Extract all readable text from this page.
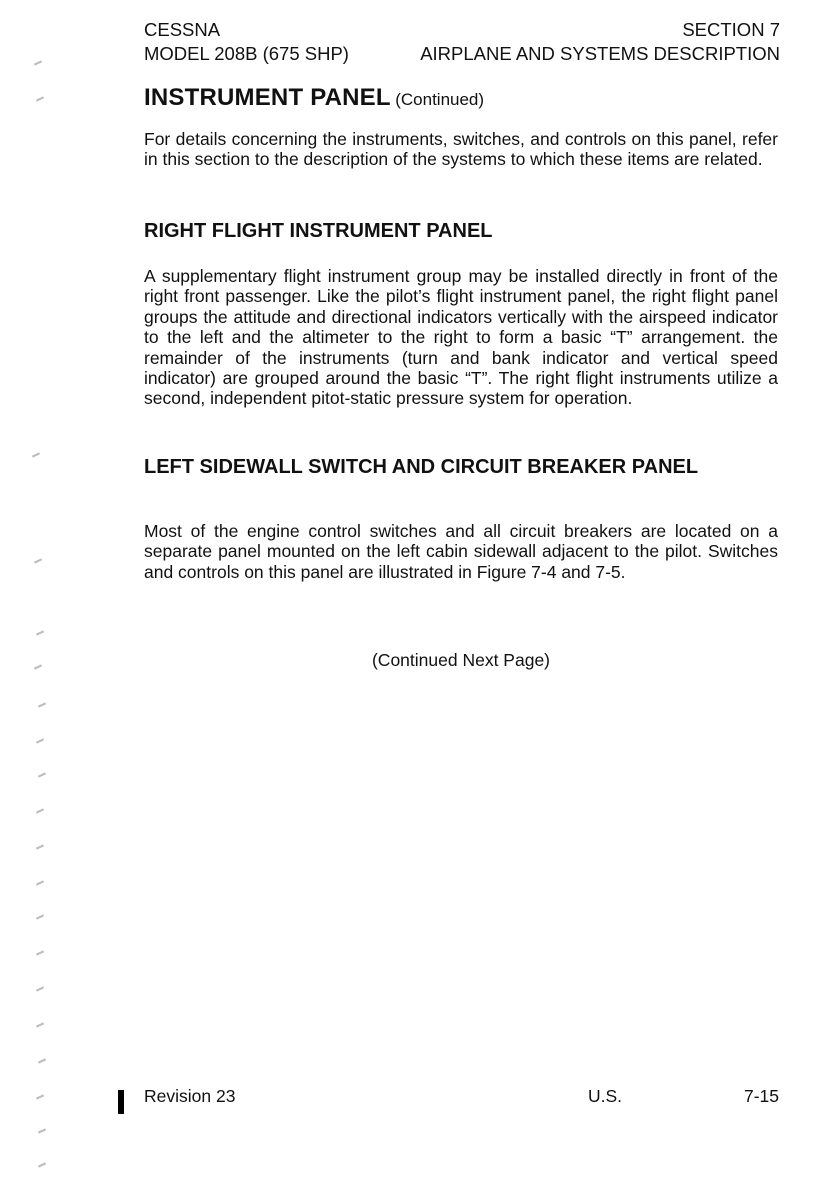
CESSNA	SECTION 7
MODEL 208B (675 SHP)	AIRPLANE AND SYSTEMS DESCRIPTION
INSTRUMENT PANEL (Continued)
For details concerning the instruments, switches, and controls on this panel, refer in this section to the description of the systems to which these items are related.
RIGHT FLIGHT INSTRUMENT PANEL
A supplementary flight instrument group may be installed directly in front of the right front passenger. Like the pilot’s flight instrument panel, the right flight panel groups the attitude and directional indicators vertically with the airspeed indicator to the left and the altimeter to the right to form a basic “T” arrangement. the remainder of the instruments (turn and bank indicator and vertical speed indicator) are grouped around the basic “T”. The right flight instruments utilize a second, independent pitot-static pressure system for operation.
LEFT SIDEWALL SWITCH AND CIRCUIT BREAKER PANEL
Most of the engine control switches and all circuit breakers are located on a separate panel mounted on the left cabin sidewall adjacent to the pilot. Switches and controls on this panel are illustrated in Figure 7-4 and 7-5.
(Continued Next Page)
Revision 23	U.S.	7-15
